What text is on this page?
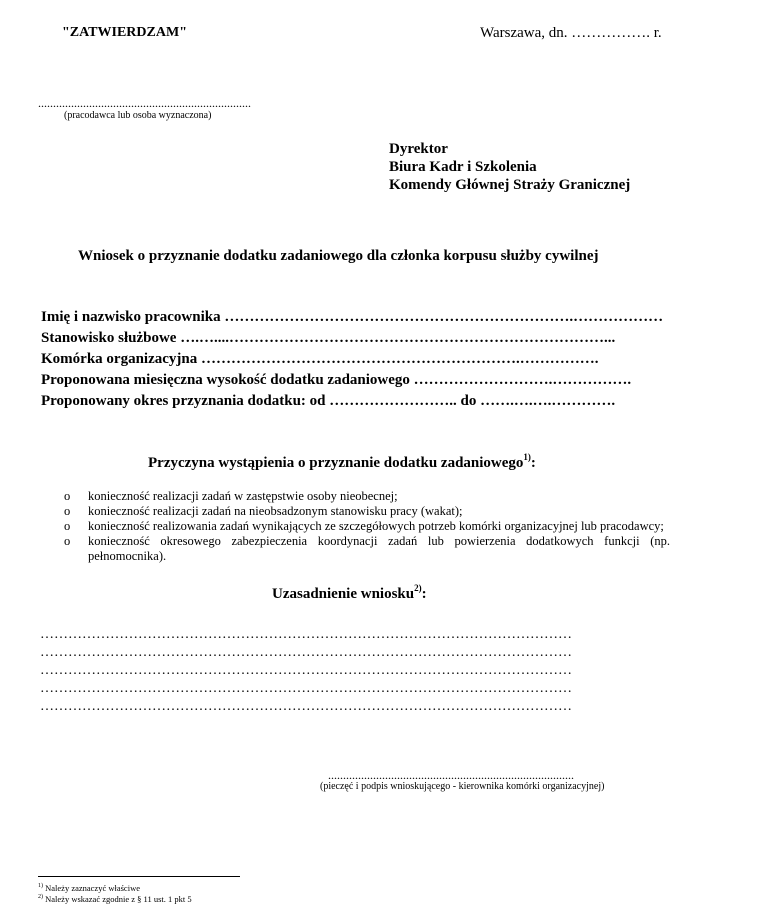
"ZATWIERDZAM"	Warszawa, dn. ……………. r.
.......................................................................
(pracodawca lub osoba wyznaczona)
Dyrektor
Biura Kadr i Szkolenia
Komendy Głównej Straży Granicznej
Wniosek o przyznanie dodatku zadaniowego dla członka korpusu służby cywilnej
Imię i nazwisko pracownika …………………………………………………………….………………
Stanowisko służbowe ….…....…………………………………………………………………...
Komórka organizacyjna ……………………………………………………….…………….
Proponowana miesięczna wysokość dodatku zadaniowego ……………………….…………….
Proponowany okres przyznania dodatku: od …………………….. do …….….….………….
Przyczyna wystąpienia o przyznanie dodatku zadaniowego$^{1)}$:
o konieczność realizacji zadań w zastępstwie osoby nieobecnej;
o konieczność realizacji zadań na nieobsadzonym stanowisku pracy (wakat);
o konieczność realizowania zadań wynikających ze szczegółowych potrzeb komórki organizacyjnej lub pracodawcy;
o konieczność okresowego zabezpieczenia koordynacji zadań lub powierzenia dodatkowych funkcji (np. pełnomocnika).
Uzasadnienie wniosku$^{2)}$:
……………………………………………………………………………………………………
……………………………………………………………………………………………………
……………………………………………………………………………………………………
……………………………………………………………………………………………………
……………………………………………………………………………………………………
..................................................................................
(pieczęć i podpis wnioskującego - kierownika komórki organizacyjnej)
$^{1)}$ Należy zaznaczyć właściwe
$^{2)}$ Należy wskazać zgodnie z § 11 ust. 1 pkt 5
